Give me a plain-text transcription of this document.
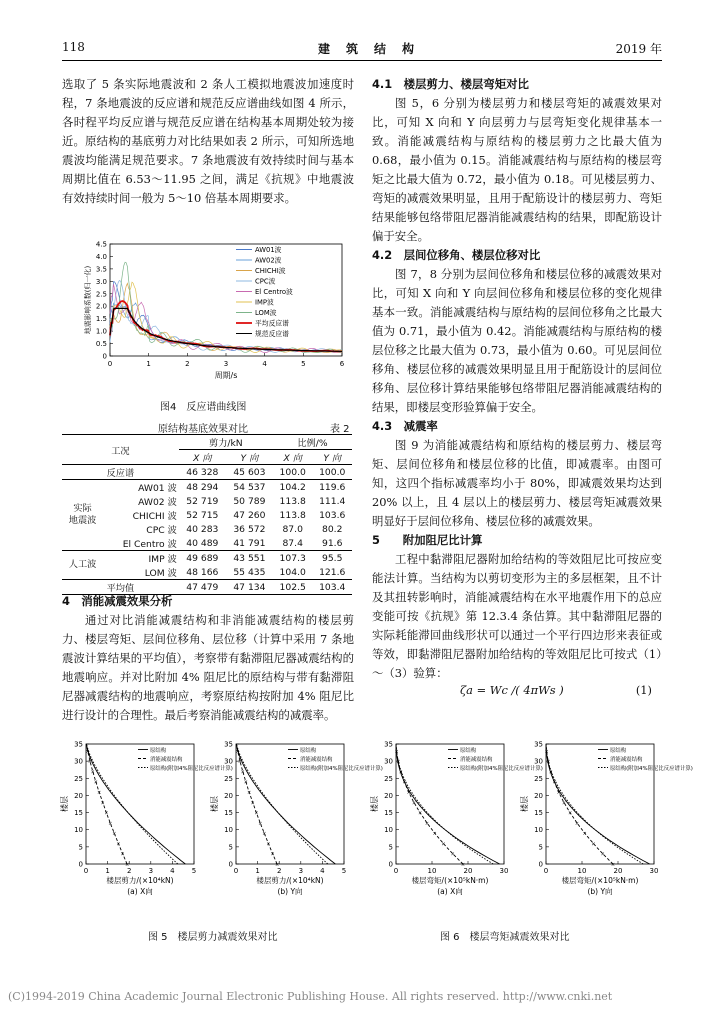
118	建　筑　结　构	2019 年

选取了 5 条实际地震波和 2 条人工模拟地震波加速度时程，7 条地震波的反应谱和规范反应谱曲线如图 4 所示，各时程平均反应谱与规范反应谱在结构基本周期处较为接近。原结构的基底剪力对比结果如表 2 所示，可知所选地震波均能满足规范要求。7 条地震波有效持续时间与基本周期比值在 6.53～11.95 之间，满足《抗规》中地震波有效持续时间一般为 5～10 倍基本周期要求。

0	1	2	3	4	5	6
0
0.5
1.0
1.5
2.0
2.5
3.0
3.5
4.0
4.5
周期/s
地震影响系数(归一化)
AW01波
AW02波
CHICHI波
CPC波
El Centro波
IMP波
LOM波
平均反应谱
规范反应谱
图4　反应谱曲线图
原结构基底效果对比	表 2
工况		剪力/kN		比例/%	
		X 向	Y 向	X 向	Y 向
反应谱		46 328	45 603	100.0	100.0
实际
地震波	AW01 波	48 294	54 537	104.2	119.6
	AW02 波	52 719	50 789	113.8	111.4
	CHICHI 波	52 715	47 260	113.8	103.6
	CPC 波	40 283	36 572	87.0	80.2
	El Centro 波	40 489	41 791	87.4	91.6
人工波	IMP 波	49 689	43 551	107.3	95.5
	LOM 波	48 166	55 435	104.0	121.6
平均值		47 479	47 134	102.5	103.4

4　消能减震效果分析

通过对比消能减震结构和非消能减震结构的楼层剪力、楼层弯矩、层间位移角、层位移（计算中采用 7 条地震波计算结果的平均值），考察带有黏滞阻尼器减震结构的地震响应。并对比附加 4% 阻尼比的原结构与带有黏滞阻尼器减震结构的地震响应，考察原结构按附加 4% 阻尼比进行设计的合理性。最后考察消能减震结构的减震率。

4.1　楼层剪力、楼层弯矩对比

图 5，6 分别为楼层剪力和楼层弯矩的减震效果对比，可知 X 向和 Y 向层剪力与层弯矩变化规律基本一致。消能减震结构与原结构的楼层剪力之比最大值为 0.68，最小值为 0.15。消能减震结构与原结构的楼层弯矩之比最大值为 0.72，最小值为 0.18。可见楼层剪力、弯矩的减震效果明显，且用于配筋设计的楼层剪力、弯矩结果能够包络带阻尼器消能减震结构的结果，即配筋设计偏于安全。

4.2　层间位移角、楼层位移对比

图 7，8 分别为层间位移角和楼层位移的减震效果对比，可知 X 向和 Y 向层间位移角和楼层位移的变化规律基本一致。消能减震结构与原结构的层间位移角之比最大值为 0.71，最小值为 0.42。消能减震结构与原结构的楼层位移之比最大值为 0.73，最小值为 0.60。可见层间位移角、楼层位移的减震效果明显且用于配筋设计的层间位移角、层位移计算结果能够包络带阻尼器消能减震结构的结果，即楼层变形验算偏于安全。

4.3　减震率

图 9 为消能减震结构和原结构的楼层剪力、楼层弯矩、层间位移角和楼层位移的比值，即减震率。由图可知，这四个指标减震率均小于 80%，即减震效果均达到 20% 以上，且 4 层以上的楼层剪力、楼层弯矩减震效果明显好于层间位移角、楼层位移的减震效果。

5　　附加阻尼比计算

工程中黏滞阻尼器附加给结构的等效阻尼比可按应变能法计算。当结构为以剪切变形为主的多层框架，且不计及其扭转影响时，消能减震结构在水平地震作用下的总应变能可按《抗规》第 12.3.4 条估算。其中黏滞阻尼器的实际耗能滞回曲线形状可以通过一个平行四边形来表征或等效，即黏滞阻尼器附加给结构的等效阻尼比可按式（1）～（3）验算：

ζa = Wc /( 4πWs )	(1)
0 1 2 3 4 5
0
5
10
15
20
25
30
35
楼层
楼层剪力/(×10⁴kN)
(a) X向
×
×
×
×
×
×
×
×
×
×
×
×	原结构
消能减震结构
原结构(附加4%阻尼比反应谱计算)
0 1 2 3 4 5
0
5
10
15
20
25
30
35
楼层
楼层剪力/(×10⁴kN)
(b) Y向
×
×
×
×
×
×
×
×
×
×
×
×	原结构
消能减震结构
原结构(附加4%阻尼比反应谱计算)
0	10	20	30
0
5
10
15
20
25
30
35
楼层
楼层弯矩/(×10⁵kN·m)
(a) X向
×
×
×
×
×
×
×
×
×
×
×
×	原结构
消能减震结构
原结构(附加4%阻尼比反应谱计算)
0	10	20	30
0
5
10
15
20
25
30
35
楼层
楼层弯矩/(×10⁵kN·m)
(b) Y向
×
×
×
×
×
×
×
×
×
×
×
×	原结构
消能减震结构
原结构(附加4%阻尼比反应谱计算)
图 5　楼层剪力减震效果对比	图 6　楼层弯矩减震效果对比
(C)1994-2019 China Academic Journal Electronic Publishing House. All rights reserved. http://www.cnki.net
